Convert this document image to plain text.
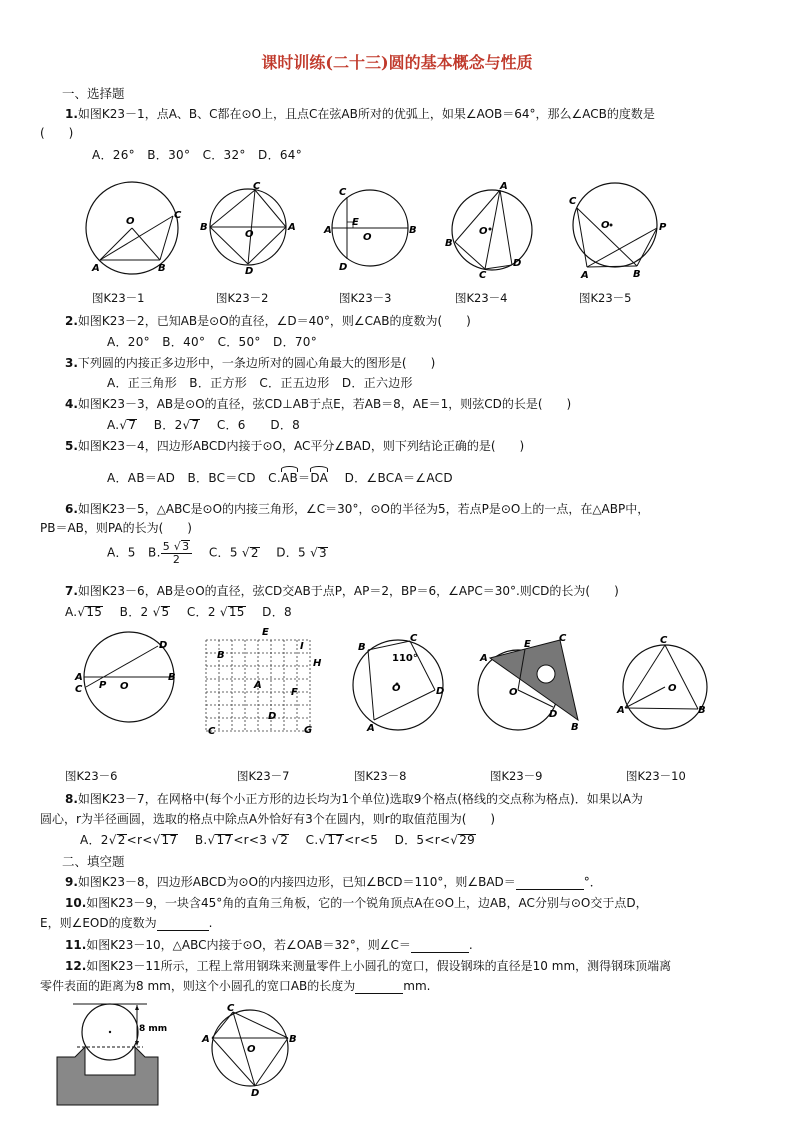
课时训练(二十三)圆的基本概念与性质
一、选择题
1.如图K23－1，点A、B、C都在⊙O上，且点C在弦AB所对的优弧上，如果∠AOB＝64°，那么∠ACB的度数是
(　　)
A．26°　B．30°　C．32°　D．64°
O
C
A	B
C
B
O
A
D
C
E
A
O
B
D
A
O
B
C
D
C
O	P
A	B
图K23－1	图K23－2	图K23－3	图K23－4	图K23－5
2.如图K23－2，已知AB是⊙O的直径，∠D＝40°，则∠CAB的度数为(　　)
A．20°　B．40°　C．50°　D．70°
3.下列圆的内接正多边形中，一条边所对的圆心角最大的图形是(　　)
A．正三角形　B．正方形　C．正五边形　D．正六边形
4.如图K23－3，AB是⊙O的直径，弦CD⊥AB于点E，若AB＝8，AE＝1，则弦CD的长是(　　)
A.√7 　 B．2√7 　 C．6　　D．8
5.如图K23－4，四边形ABCD内接于⊙O，AC平分∠BAD，则下列结论正确的是(　　)
A．AB＝AD　B．BC＝CD　C.
AB＝
DA 　 D．∠BCA＝∠ACD
6.如图K23－5，△ABC是⊙O的内接三角形，∠C＝30°，⊙O的半径为5，若点P是⊙O上的一点，在△ABP中，
PB＝AB，则PA的长为(　　)
A．5　B. $\frac{5 √3}{2}$
　 C．5 √2 　 D．5 √3
7.如图K23－6，AB是⊙O的直径，弦CD交AB于点P，AP＝2，BP＝6，∠APC＝30°.则CD的长为(　　)
A.√15 　 B．2 √5 　 C．2 √15 　 D．8
D
A
C P O
B
E
I
B
H
A
F
D
C	G
B
C
110°
O	D
A
A
E
C
O
D
B
C
O
A	B
图K23－6	图K23－7	图K23－8	图K23－9	图K23－10
8.如图K23－7，在网格中(每个小正方形的边长均为1个单位)选取9个格点(格线的交点称为格点)．如果以A为
圆心，r为半径画圆，选取的格点中除点A外恰好有3个在圆内，则r的取值范围为(　　)
A．2√2<r<√17 　 B.√17<r<3 √2 　 C.√17<r<5 　 D．5<r<√29
二、填空题
9.如图K23－8，四边形ABCD为⊙O的内接四边形，已知∠BCD＝110°，则∠BAD＝	°．
10.如图K23－9，一块含45°角的直角三角板，它的一个锐角顶点A在⊙O上，边AB，AC分别与⊙O交于点D，
E，则∠EOD的度数为	.
11.如图K23－10，△ABC内接于⊙O，若∠OAB＝32°，则∠C＝	.
12.如图K23－11所示，工程上常用钢珠来测量零件上小圆孔的宽口，假设钢珠的直径是10 mm，测得钢珠顶端离
零件表面的距离为8 mm，则这个小圆孔的宽口AB的长度为	mm.
8 mm
C
A
O
B
D
